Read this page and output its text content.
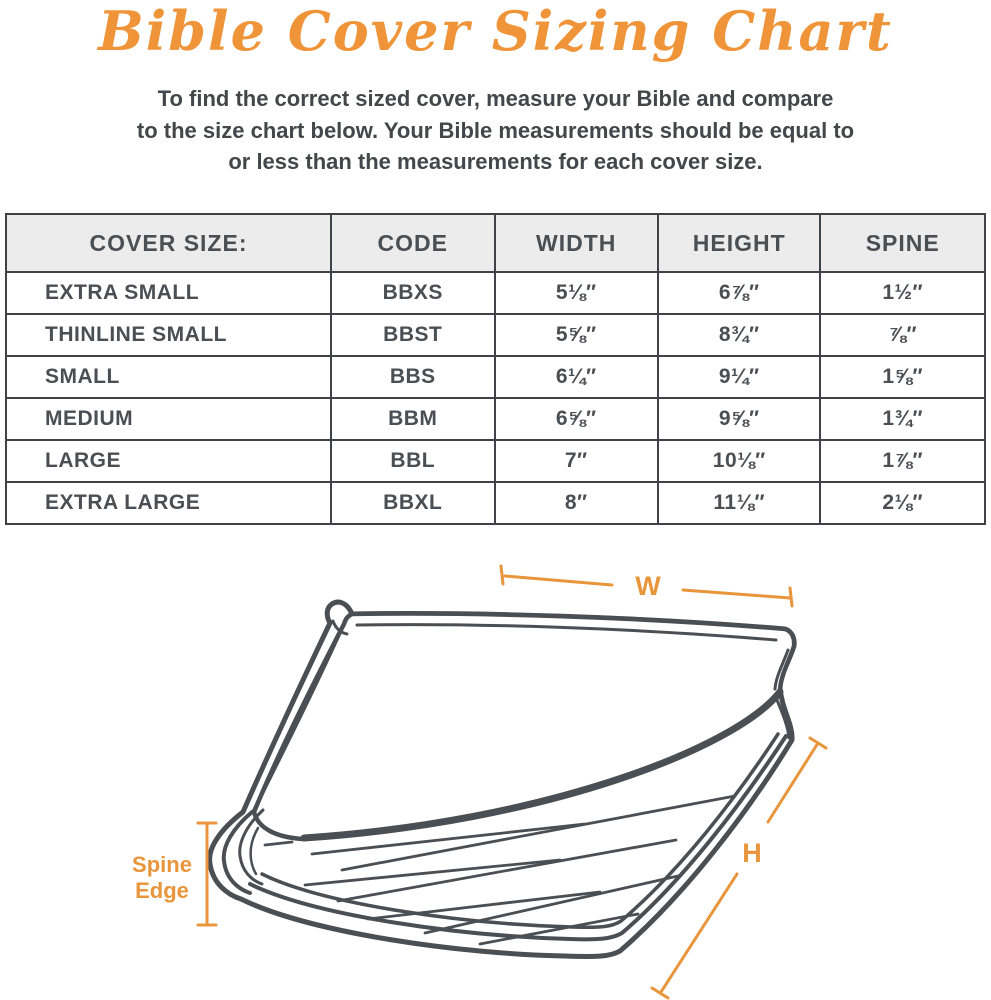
Bible Cover Sizing Chart
To find the correct sized cover, measure your Bible and compare
to the size chart below. Your Bible measurements should be equal to
or less than the measurements for each cover size.
COVER SIZE:	CODE	WIDTH	HEIGHT	SPINE
EXTRA SMALL	BBXS	5⅛″	6⅞″	1½″
THINLINE SMALL	BBST	5⅝″	8¾″	⅞″
SMALL	BBS	6¼″	9¼″	1⅝″
MEDIUM	BBM	6⅝″	9⅝″	1¾″
LARGE	BBL	7″	10⅛″	1⅞″
EXTRA LARGE	BBXL	8″	11⅛″	2⅛″
W
H
Spine
Edge
